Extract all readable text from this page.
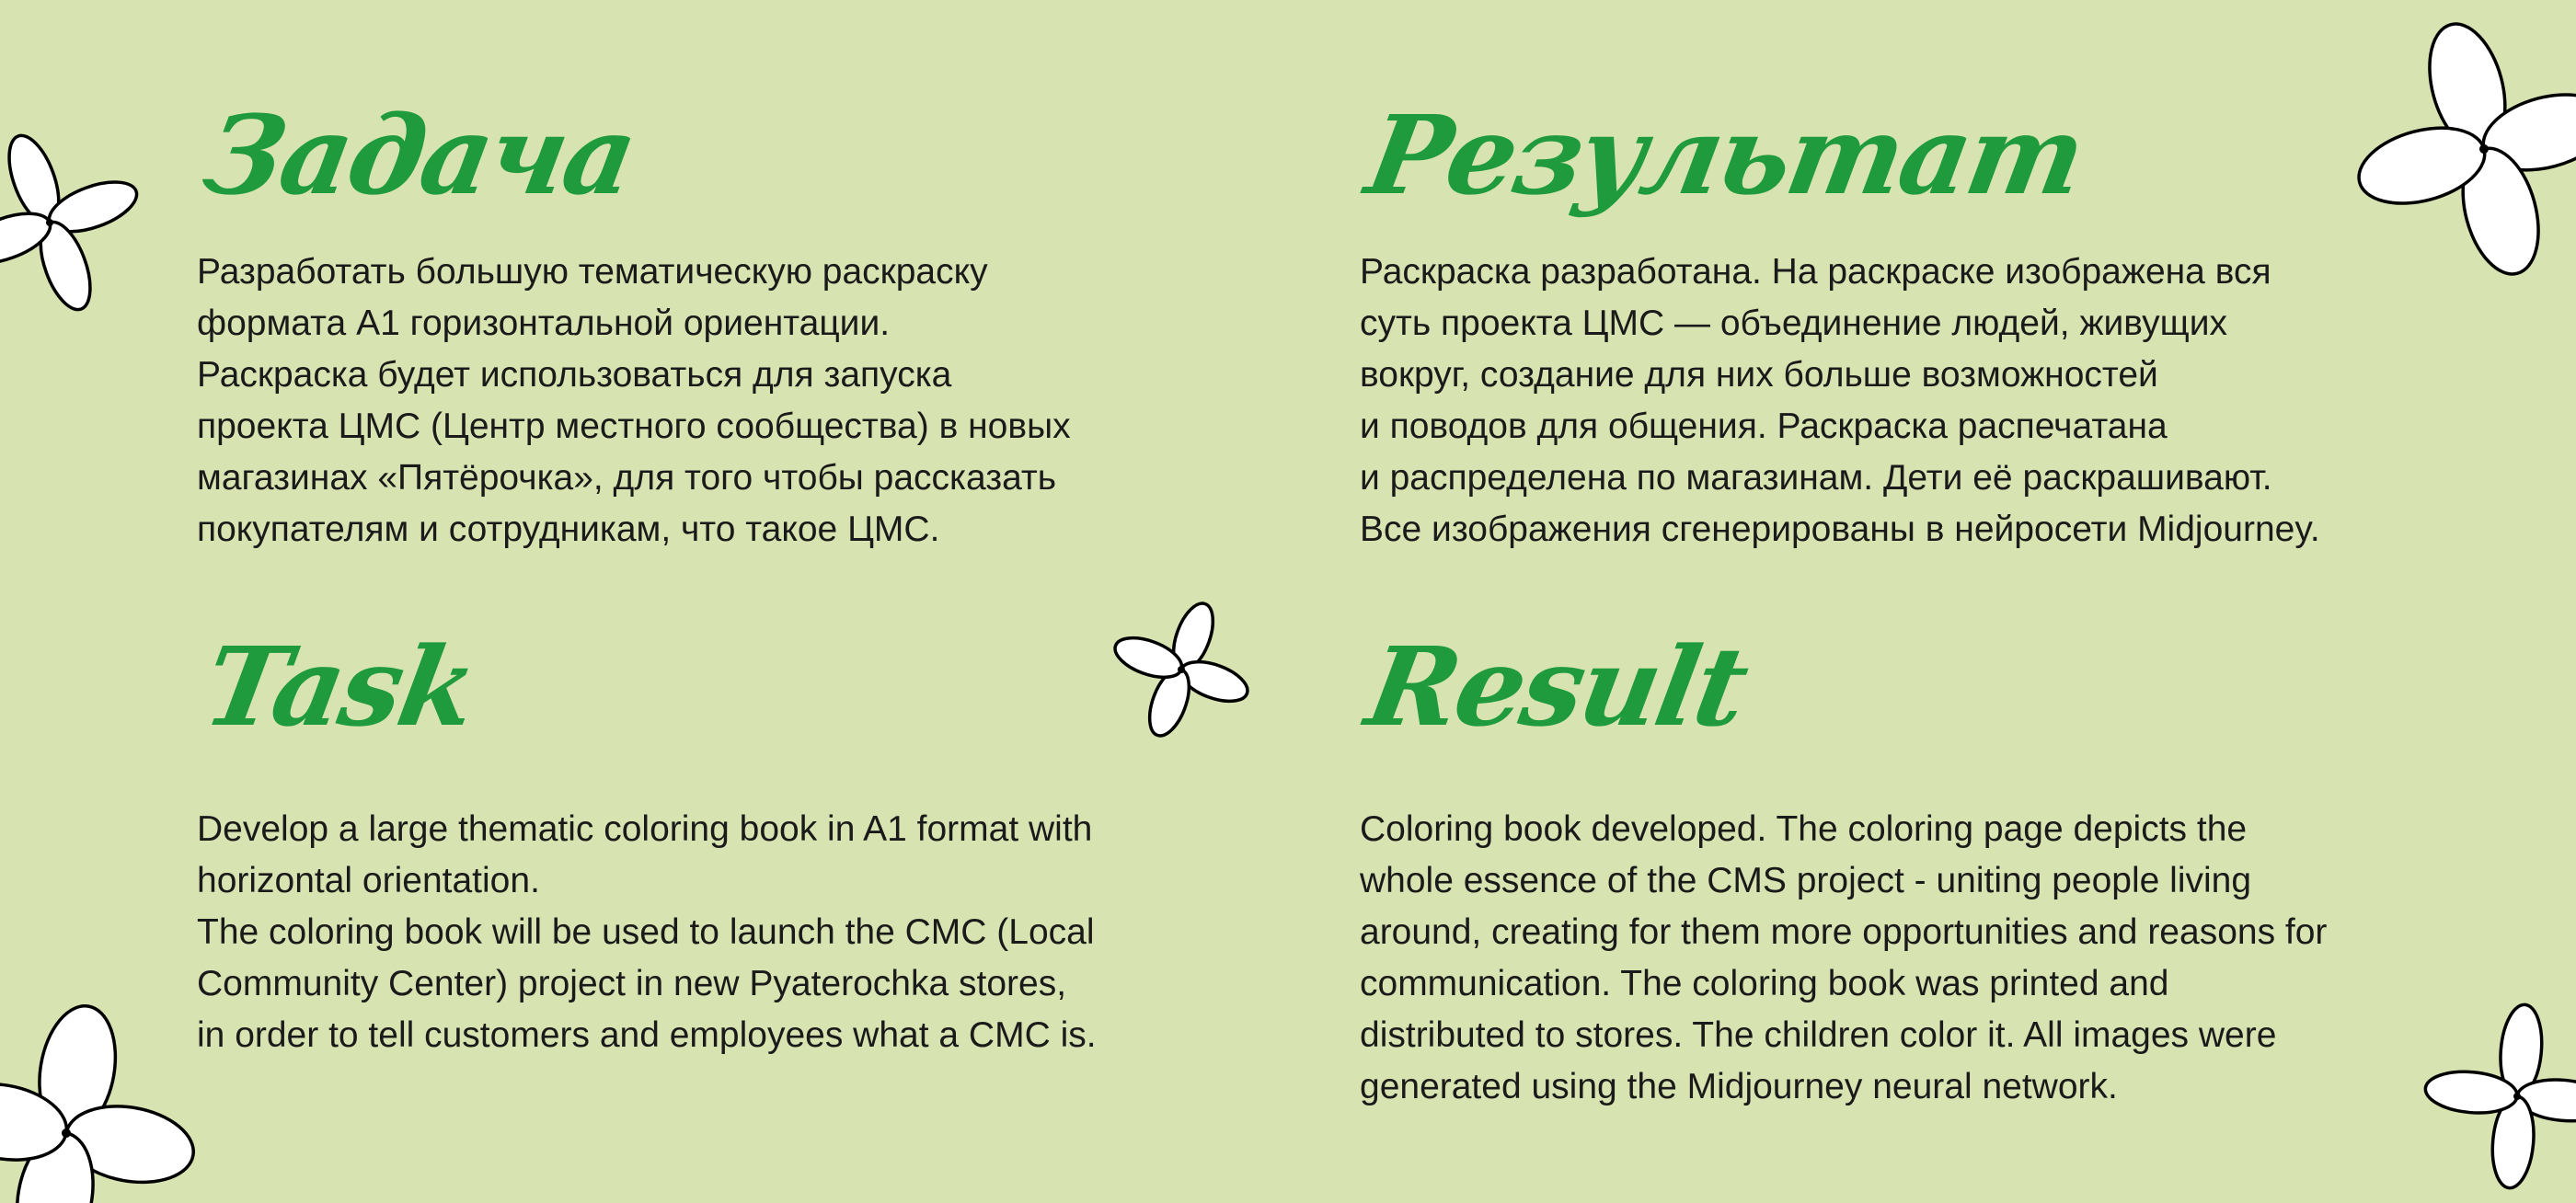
Задача

Разработать большую тематическую раскраску
формата А1 горизонтальной ориентации.
Раскраска будет использоваться для запуска
проекта ЦМС (Центр местного сообщества) в новых
магазинах «Пятёрочка», для того чтобы рассказать
покупателям и сотрудникам, что такое ЦМС.

Результат

Раскраска разработана. На раскраске изображена вся
суть проекта ЦМС — объединение людей, живущих
вокруг, создание для них больше возможностей
и поводов для общения. Раскраска распечатана
и распределена по магазинам. Дети её раскрашивают.
Все изображения сгенерированы в нейросети Midjourney.

Task

Develop a large thematic coloring book in A1 format with
horizontal orientation.
The coloring book will be used to launch the CMC (Local
Community Center) project in new Pyaterochka stores,
in order to tell customers and employees what a CMC is.

Result

Coloring book developed. The coloring page depicts the
whole essence of the CMS project - uniting people living
around, creating for them more opportunities and reasons for
communication. The coloring book was printed and
distributed to stores. The children color it. All images were
generated using the Midjourney neural network.
